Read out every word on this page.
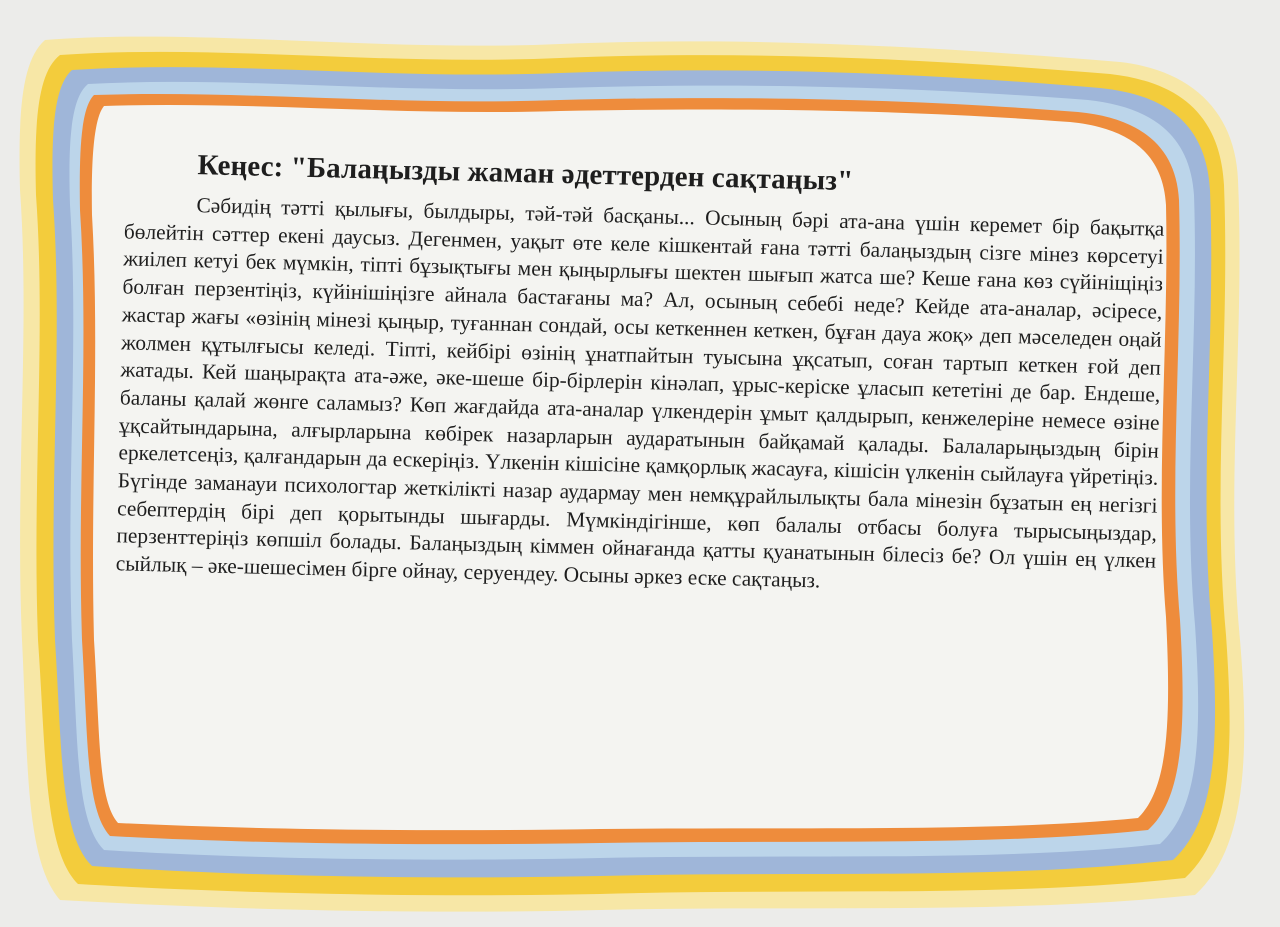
Кеңес: "Балаңызды жаман әдеттерден сақтаңыз"

Сәбидің тәтті қылығы, былдыры, тәй-тәй басқаны... Осының бәрі ата-ана үшін керемет бір бақытқа бөлейтін сәттер екені даусыз. Дегенмен, уақыт өте келе кішкентай ғана тәтті балаңыздың сізге мінез көрсетуі жиілеп кетуі бек мүмкін, тіпті бұзықтығы мен қыңырлығы шектен шығып жатса ше? Кеше ғана көз сүйініщіңіз болған перзентіңіз, күйінішіңізге айнала бастағаны ма? Ал, осының себебі неде? Кейде ата-аналар, әсіресе, жастар жағы «өзінің мінезі қыңыр, туғаннан сондай, осы кеткеннен кеткен, бұған дауа жоқ» деп мәселеден оңай жолмен құтылғысы келеді. Тіпті, кейбірі өзінің ұнатпайтын туысына ұқсатып, соған тартып кеткен ғой деп жатады. Кей шаңырақта ата-әже, әке-шеше бір-бірлерін кінәлап, ұрыс-керіске ұласып кететіні де бар. Ендеше, баланы қалай жөнге саламыз? Көп жағдайда ата-аналар үлкендерін ұмыт қалдырып, кенжелеріне немесе өзіне ұқсайтындарына, алғырларына көбірек назарларын аударатынын байқамай қалады. Балаларыңыздың бірін еркелетсеңіз, қалғандарын да ескеріңіз. Үлкенін кішісіне қамқорлық жасауға, кішісін үлкенін сыйлауға үйретіңіз. Бүгінде заманауи психологтар жеткілікті назар аудармау мен немқұрайлылықты бала мінезін бұзатын ең негізгі себептердің бірі деп қорытынды шығарды. Мүмкіндігінше, көп балалы отбасы болуға тырысыңыздар, перзенттеріңіз көпшіл болады. Балаңыздың кіммен ойнағанда қатты қуанатынын білесіз бе? Ол үшін ең үлкен сыйлық – әке-шешесімен бірге ойнау, серуендеу. Осыны әркез еске сақтаңыз.
